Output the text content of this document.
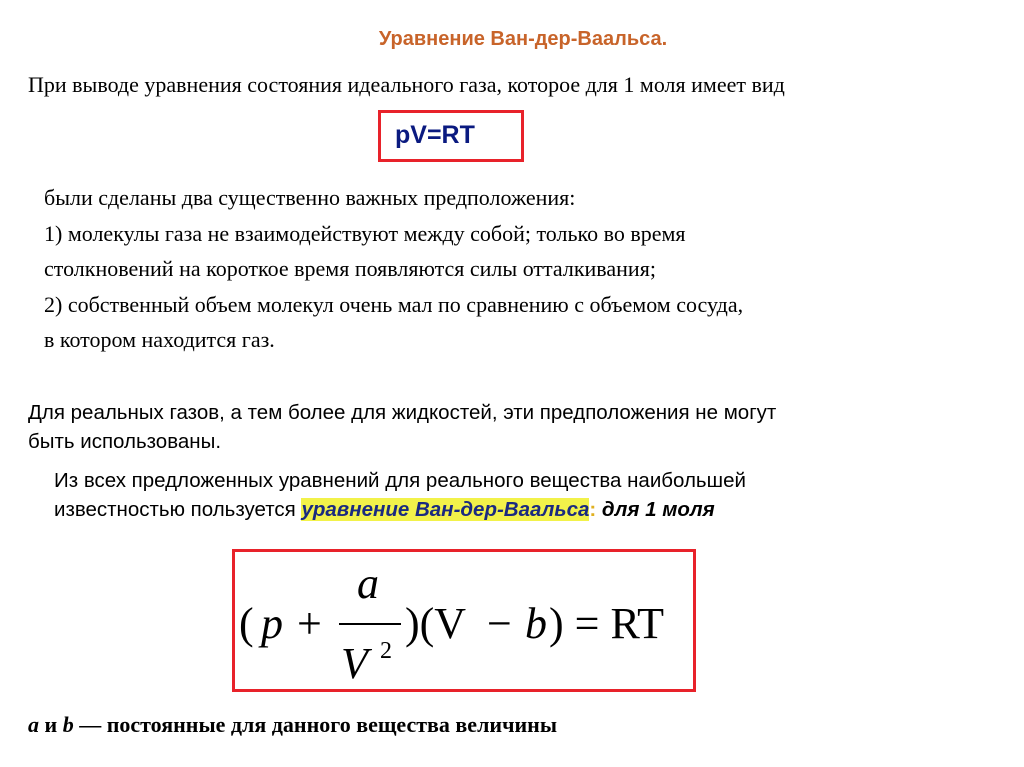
Уравнение Ван-дер-Ваальса.
При выводе уравнения состояния идеального газа, которое для 1 моля имеет вид
pV=RT
были сделаны два существенно важных предположения:
1) молекулы газа не взаимодействуют между собой; только во время
столкновений на короткое время появляются силы отталкивания;
2) собственный объем молекул очень мал по сравнению с объемом сосуда,
в котором находится газ.
Для реальных газов, а тем более для жидкостей, эти предположения не могут
быть использованы.
Из всех предложенных уравнений для реального вещества наибольшей
известностью пользуется уравнение Ван-дер-Ваальса: для 1 моля
( p +
a
V 2
)(V − b ) = RT
a и b — постоянные для данного вещества величины
